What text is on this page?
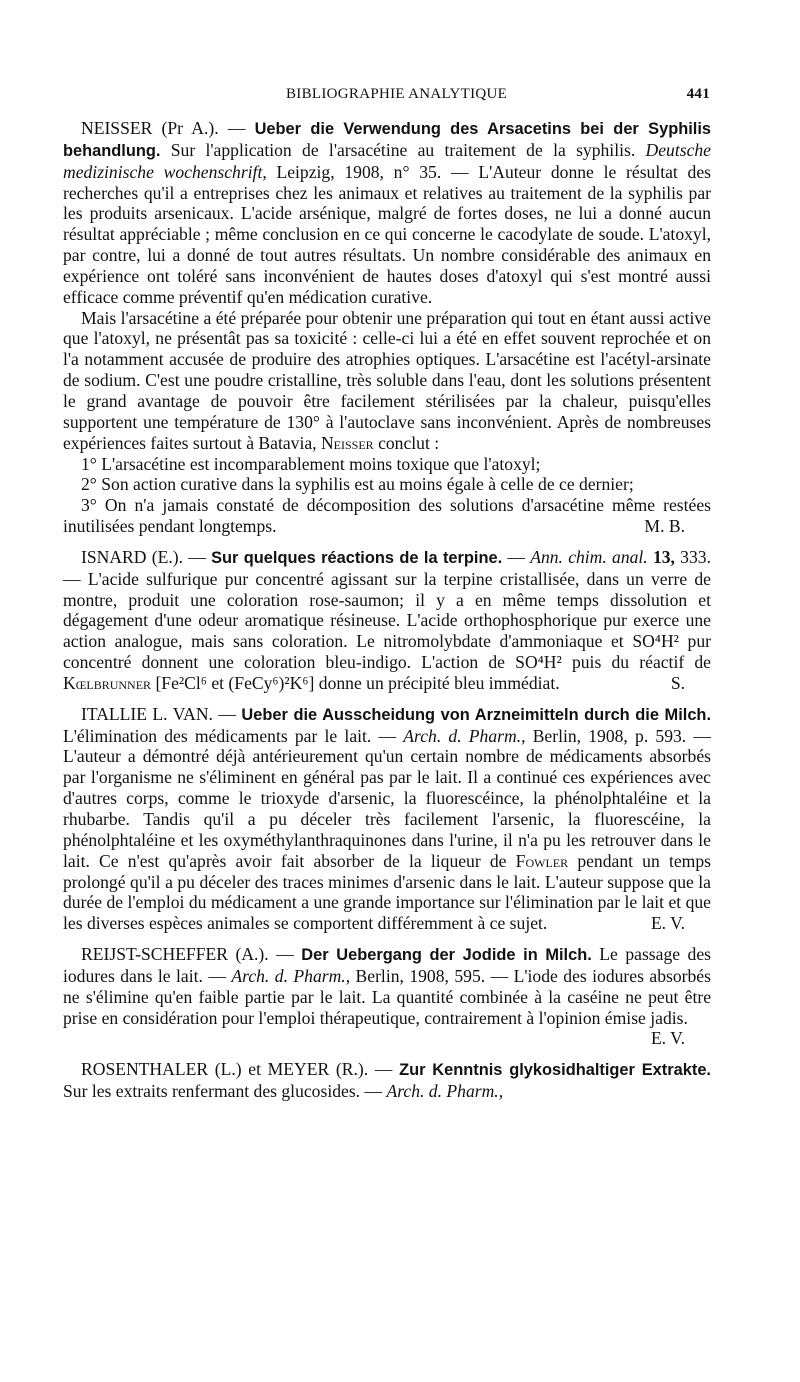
BIBLIOGRAPHIE ANALYTIQUE	441

NEISSER (Pr A.). — Ueber die Verwendung des Arsacetins bei der Syphilis behandlung. Sur l'application de l'arsacétine au traitement de la syphilis. Deutsche medizinische wochenschrift, Leipzig, 1908, n° 35. — L'Auteur donne le résultat des recherches qu'il a entreprises chez les animaux et relatives au traitement de la syphilis par les produits arsenicaux. L'acide arsénique, malgré de fortes doses, ne lui a donné aucun résultat appréciable ; même conclusion en ce qui concerne le cacodylate de soude. L'atoxyl, par contre, lui a donné de tout autres résultats. Un nombre considérable des animaux en expérience ont toléré sans inconvénient de hautes doses d'atoxyl qui s'est montré aussi efficace comme préventif qu'en médication curative.

Mais l'arsacétine a été préparée pour obtenir une préparation qui tout en étant aussi active que l'atoxyl, ne présentât pas sa toxicité : celle-ci lui a été en effet souvent reprochée et on l'a notamment accusée de produire des atrophies optiques. L'arsacétine est l'acétyl-arsinate de sodium. C'est une poudre cristalline, très soluble dans l'eau, dont les solutions présentent le grand avantage de pouvoir être facilement stérilisées par la chaleur, puisqu'elles supportent une température de 130° à l'autoclave sans inconvénient. Après de nombreuses expériences faites surtout à Batavia, Neisser conclut :

1° L'arsacétine est incomparablement moins toxique que l'atoxyl;

2° Son action curative dans la syphilis est au moins égale à celle de ce dernier;

3° On n'a jamais constaté de décomposition des solutions d'arsacétine même restées inutilisées pendant longtemps.	M. B.

ISNARD (E.). — Sur quelques réactions de la terpine. — Ann. chim. anal. 13, 333. — L'acide sulfurique pur concentré agissant sur la terpine cristallisée, dans un verre de montre, produit une coloration rose-saumon; il y a en même temps dissolution et dégagement d'une odeur aromatique résineuse. L'acide orthophosphorique pur exerce une action analogue, mais sans coloration. Le nitromolybdate d'ammoniaque et SO⁴H² pur concentré donnent une coloration bleu-indigo. L'action de SO⁴H² puis du réactif de Kœlbrunner [Fe²Cl⁶ et (FeCy⁶)²K⁶] donne un précipité bleu immédiat.	S.

ITALLIE L. VAN. — Ueber die Ausscheidung von Arzneimitteln durch die Milch. L'élimination des médicaments par le lait. — Arch. d. Pharm., Berlin, 1908, p. 593. — L'auteur a démontré déjà antérieurement qu'un certain nombre de médicaments absorbés par l'organisme ne s'éliminent en général pas par le lait. Il a continué ces expériences avec d'autres corps, comme le trioxyde d'arsenic, la fluorescéince, la phénolphtaléine et la rhubarbe. Tandis qu'il a pu déceler très facilement l'arsenic, la fluorescéine, la phénolphtaléine et les oxyméthylanthraquinones dans l'urine, il n'a pu les retrouver dans le lait. Ce n'est qu'après avoir fait absorber de la liqueur de Fowler pendant un temps prolongé qu'il a pu déceler des traces minimes d'arsenic dans le lait. L'auteur suppose que la durée de l'emploi du médicament a une grande importance sur l'élimination par le lait et que les diverses espèces animales se comportent différemment à ce sujet.	E. V.

REIJST-SCHEFFER (A.). — Der Uebergang der Jodide in Milch. Le passage des iodures dans le lait. — Arch. d. Pharm., Berlin, 1908, 595. — L'iode des iodures absorbés ne s'élimine qu'en faible partie par le lait. La quantité combinée à la caséine ne peut être prise en considération pour l'emploi thérapeutique, contrairement à l'opinion émise jadis.
E. V.

ROSENTHALER (L.) et MEYER (R.). — Zur Kenntnis glykosidhaltiger Extrakte. Sur les extraits renfermant des glucosides. — Arch. d. Pharm.,
